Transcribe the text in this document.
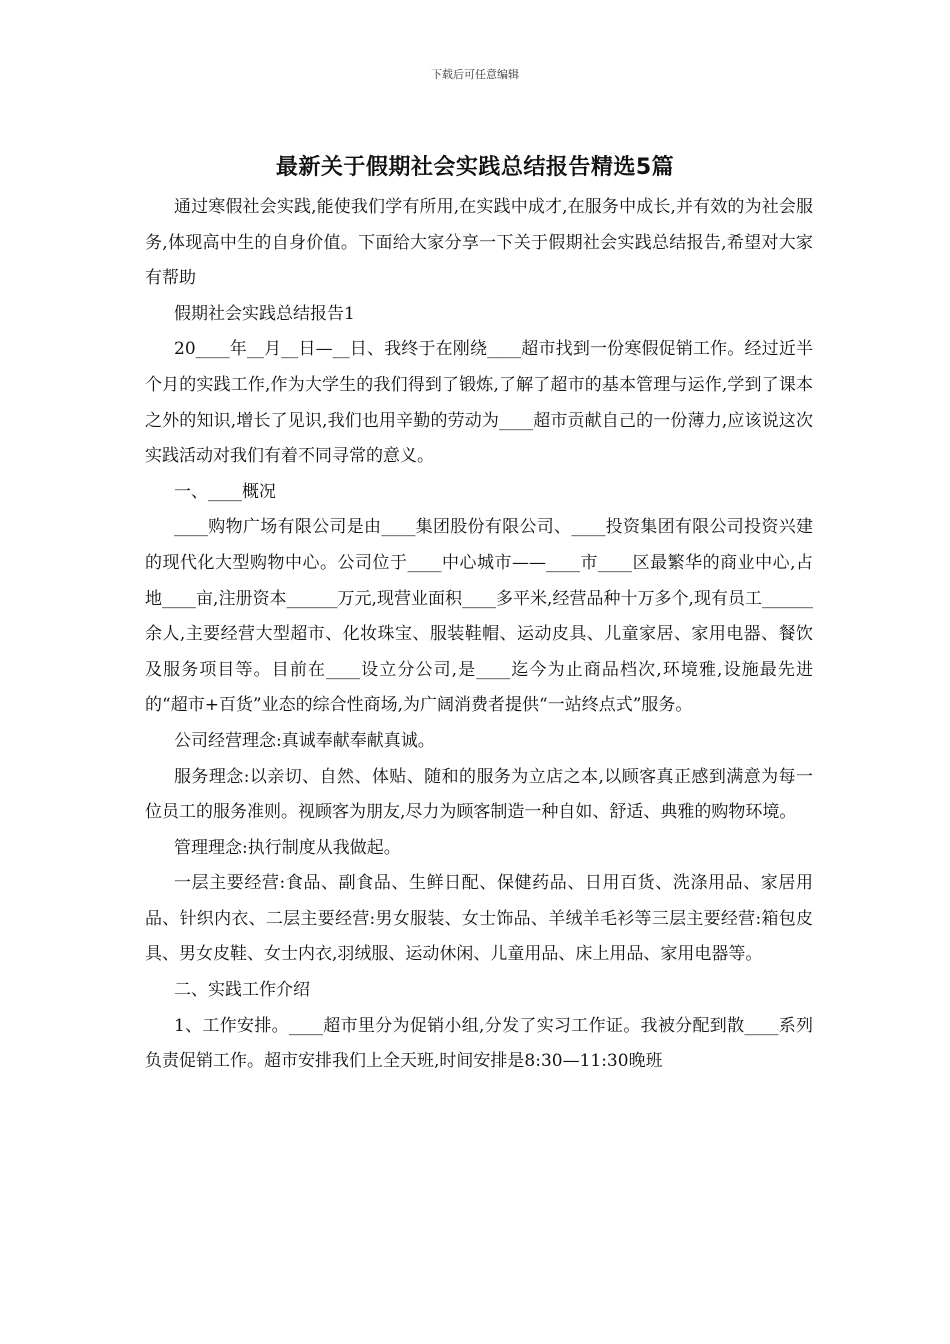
下载后可任意编辑
最新关于假期社会实践总结报告精选5篇

通过寒假社会实践,能使我们学有所用,在实践中成才,在服务中成长,并有效的为社会服务,体现高中生的自身价值。下面给大家分享一下关于假期社会实践总结报告,希望对大家有帮助

假期社会实践总结报告1

20____年__月__日—__日、我终于在刚绕____超市找到一份寒假促销工作。经过近半个月的实践工作,作为大学生的我们得到了锻炼,了解了超市的基本管理与运作,学到了课本之外的知识,增长了见识,我们也用辛勤的劳动为____超市贡献自己的一份薄力,应该说这次实践活动对我们有着不同寻常的意义。

一、____概况

____购物广场有限公司是由____集团股份有限公司、____投资集团有限公司投资兴建的现代化大型购物中心。公司位于____中心城市——____市____区最繁华的商业中心,占地____亩,注册资本______万元,现营业面积____多平米,经营品种十万多个,现有员工______余人,主要经营大型超市、化妆珠宝、服装鞋帽、运动皮具、儿童家居、家用电器、餐饮及服务项目等。目前在____设立分公司,是____迄今为止商品档次,环境雅,设施最先进的“超市+百货”业态的综合性商场,为广阔消费者提供“一站终点式”服务。

公司经营理念:真诚奉献奉献真诚。

服务理念:以亲切、自然、体贴、随和的服务为立店之本,以顾客真正感到满意为每一位员工的服务准则。视顾客为朋友,尽力为顾客制造一种自如、舒适、典雅的购物环境。

管理理念:执行制度从我做起。

一层主要经营:食品、副食品、生鲜日配、保健药品、日用百货、洗涤用品、家居用品、针织内衣、二层主要经营:男女服装、女士饰品、羊绒羊毛衫等三层主要经营:箱包皮具、男女皮鞋、女士内衣,羽绒服、运动休闲、儿童用品、床上用品、家用电器等。

二、实践工作介绍

1、工作安排。____超市里分为促销小组,分发了实习工作证。我被分配到散____系列负责促销工作。超市安排我们上全天班,时间安排是8:30—11:30晚班
